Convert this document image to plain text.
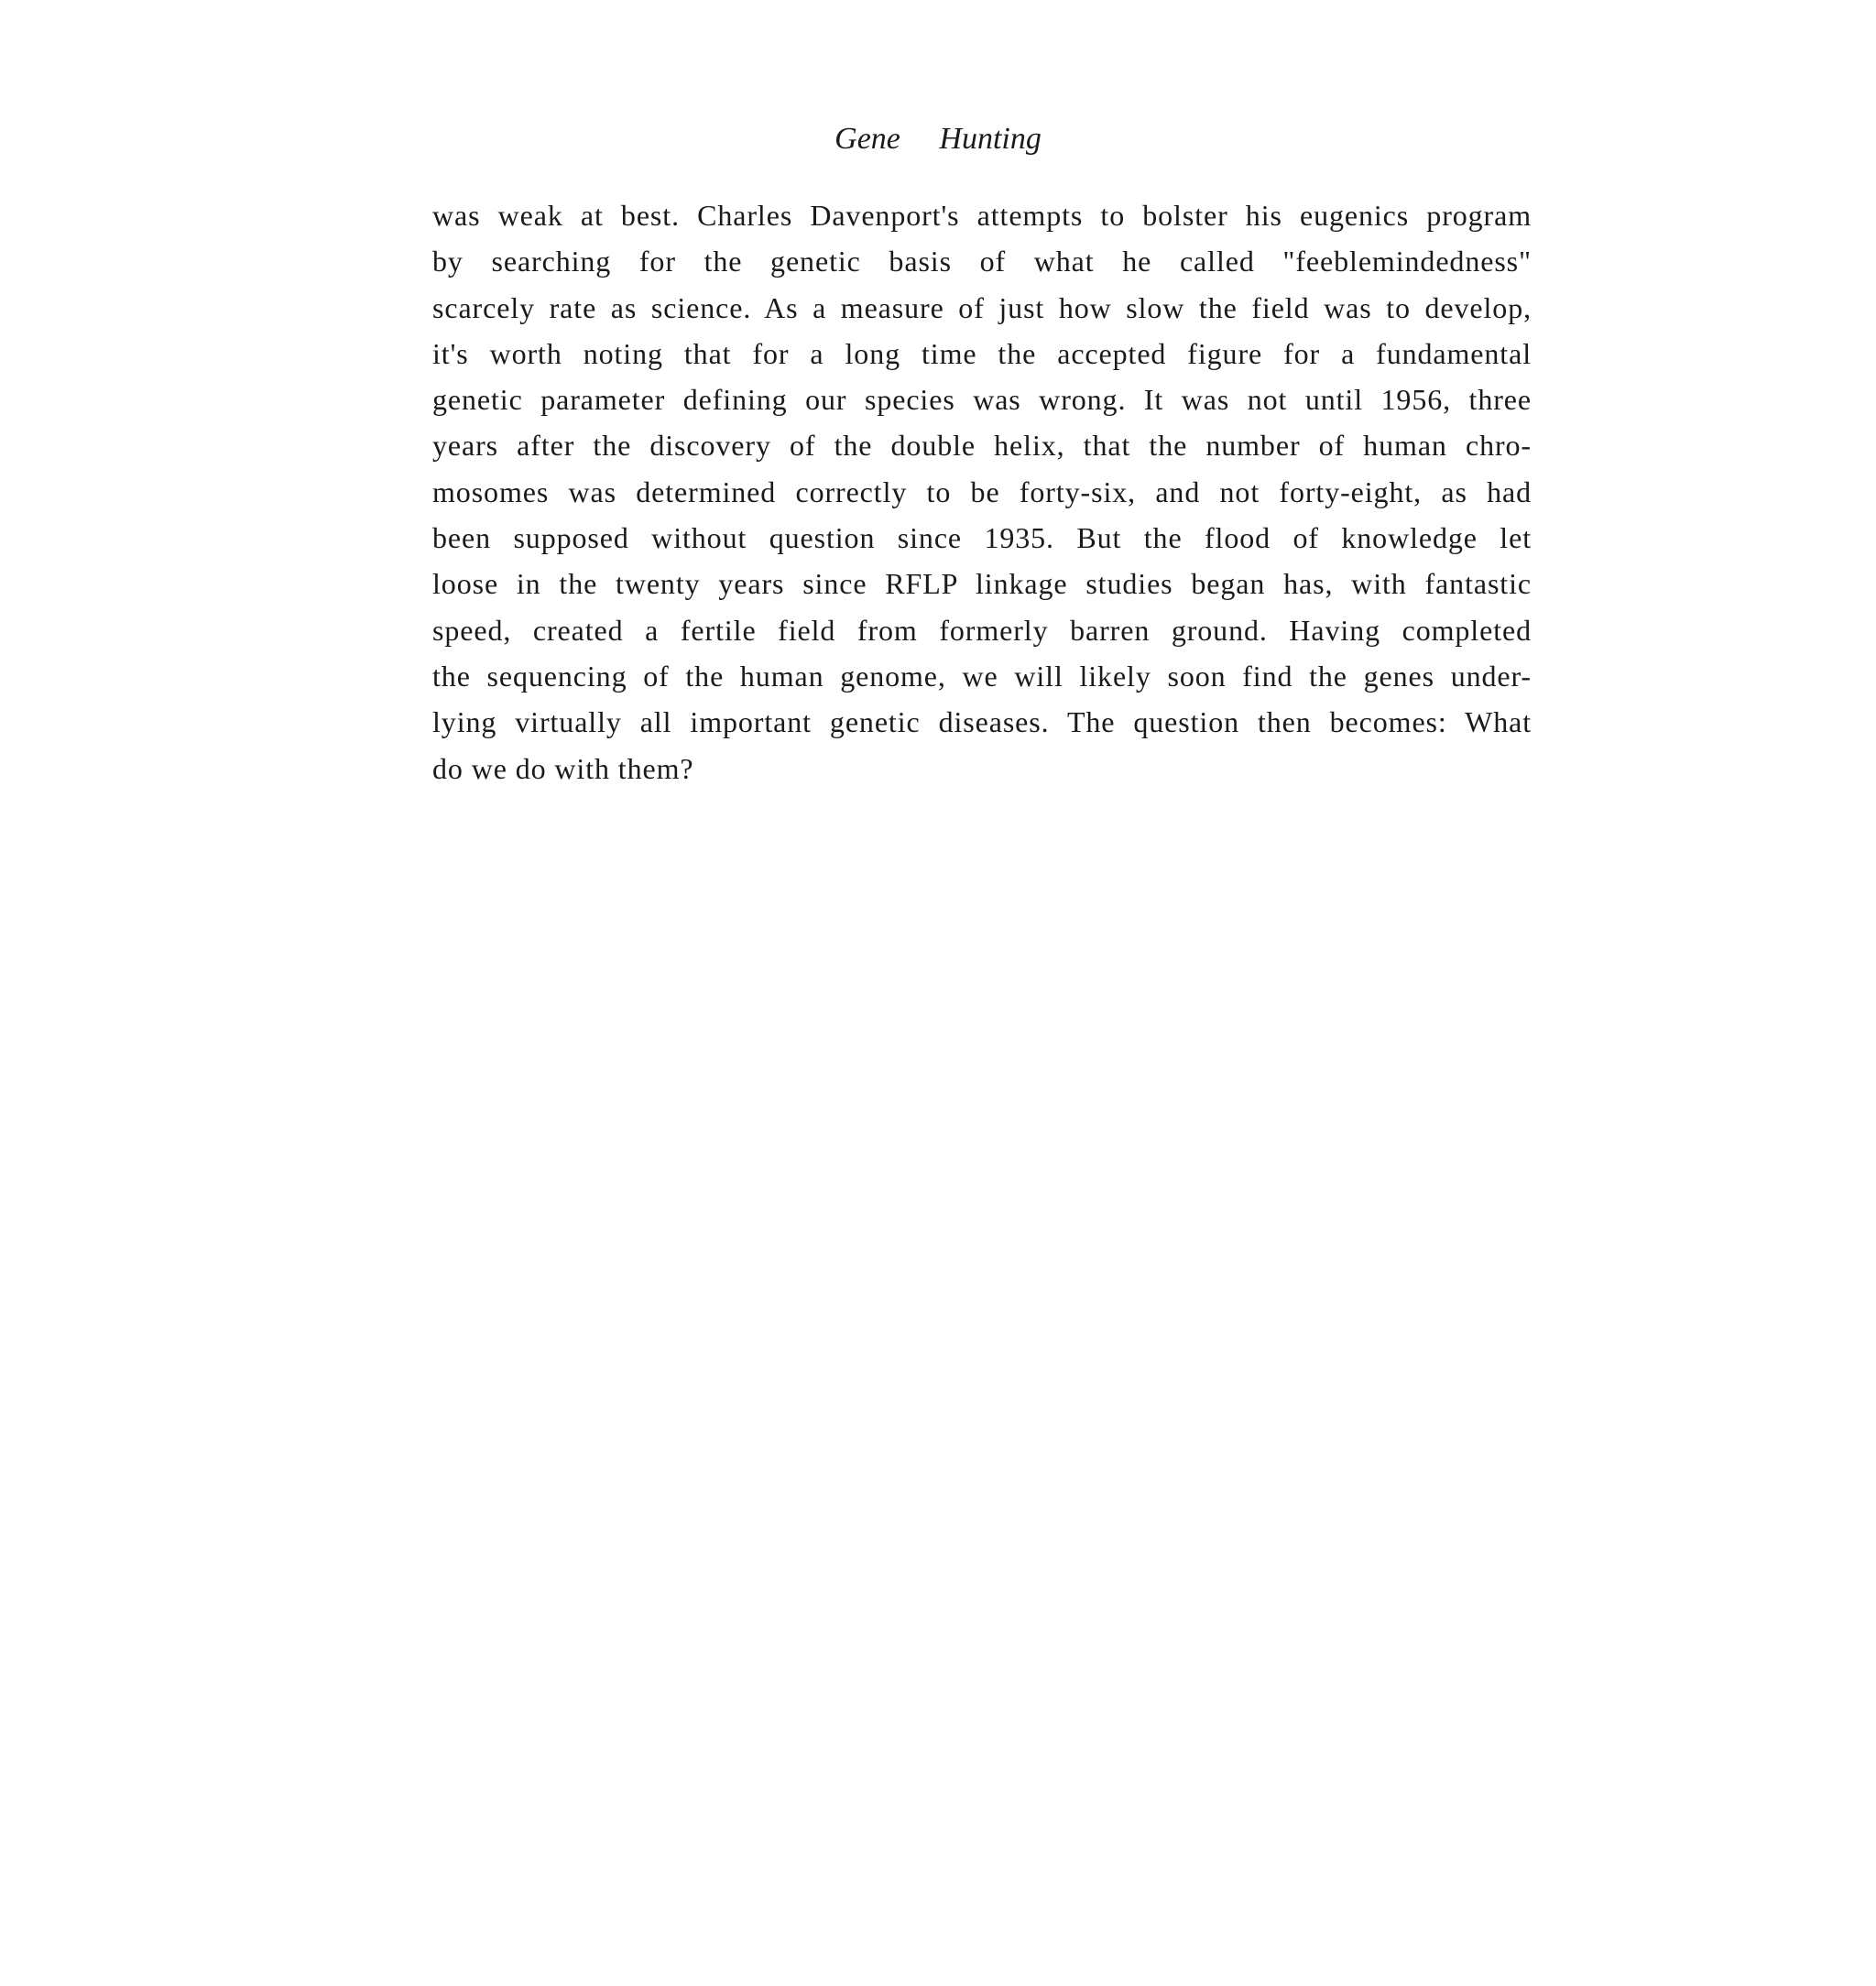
Gene Hunting
was weak at best. Charles Davenport's attempts to bolster his eugenics program
by searching for the genetic basis of what he called "feeblemindedness"
scarcely rate as science. As a measure of just how slow the field was to develop,
it's worth noting that for a long time the accepted figure for a fundamental
genetic parameter defining our species was wrong. It was not until 1956, three
years after the discovery of the double helix, that the number of human chro-
mosomes was determined correctly to be forty-six, and not forty-eight, as had
been supposed without question since 1935. But the flood of knowledge let
loose in the twenty years since RFLP linkage studies began has, with fantastic
speed, created a fertile field from formerly barren ground. Having completed
the sequencing of the human genome, we will likely soon find the genes under-
lying virtually all important genetic diseases. The question then becomes: What
do we do with them?
